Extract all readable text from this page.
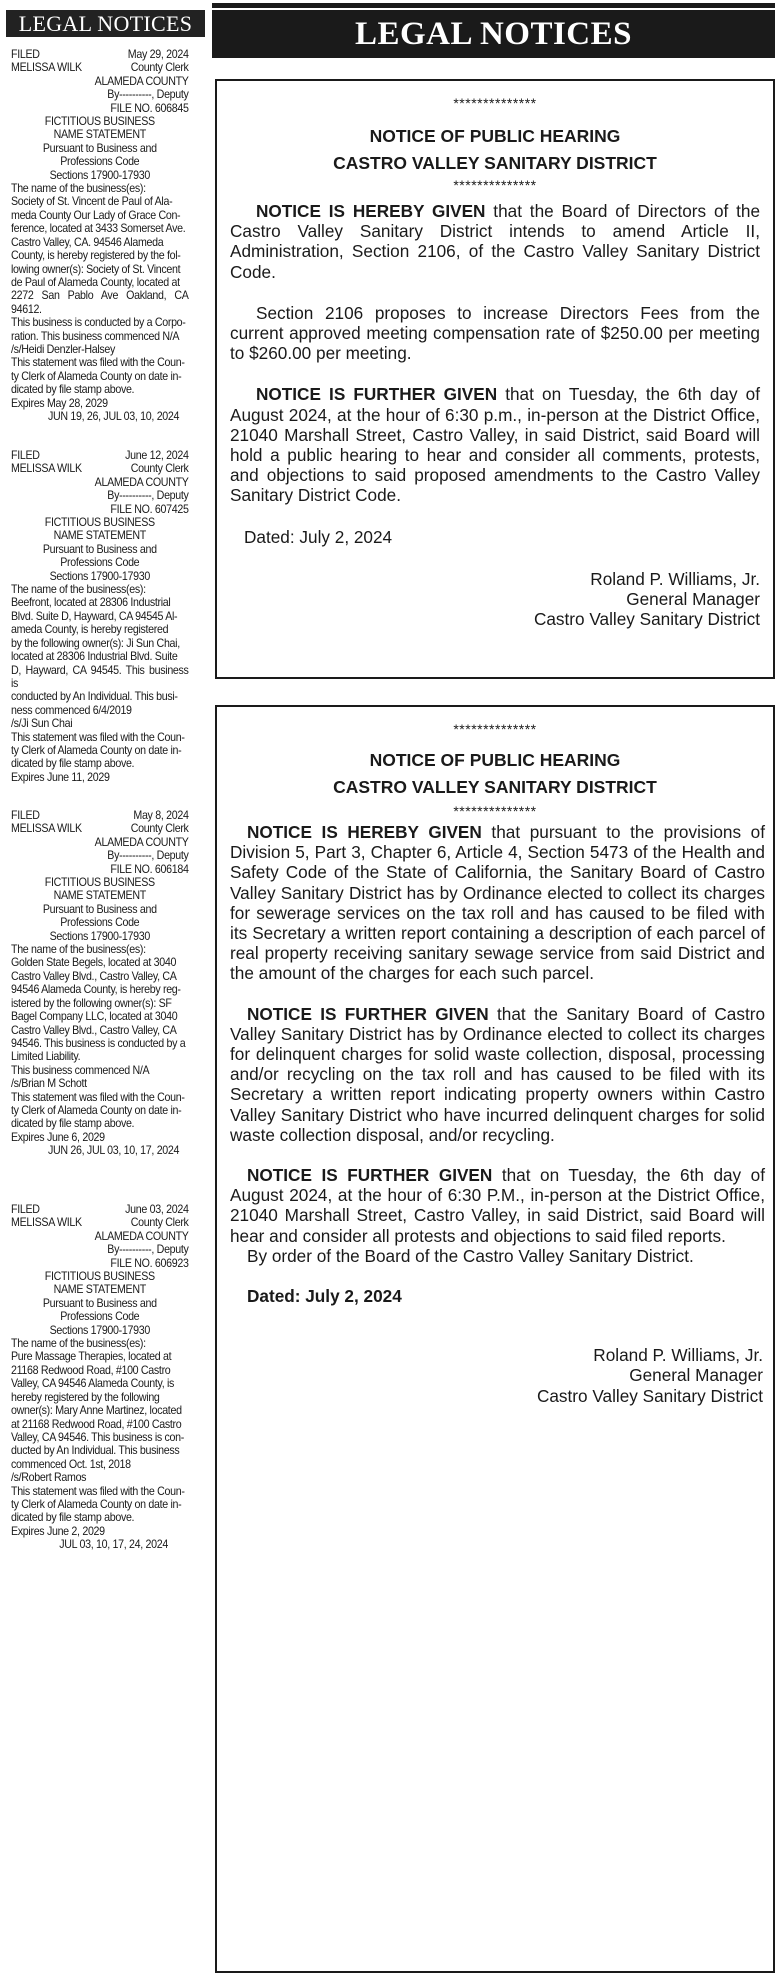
LEGAL NOTICES
FILED	May 29, 2024
MELISSA WILK	County Clerk
ALAMEDA COUNTY
By----------, Deputy
FILE NO. 606845
FICTITIOUS BUSINESS
NAME STATEMENT
Pursuant to Business and
Professions Code
Sections 17900-17930
The name of the business(es):
Society of St. Vincent de Paul of Ala-
meda County Our Lady of Grace Con-
ference, located at 3433 Somerset Ave.
Castro Valley, CA. 94546 Alameda
County, is hereby registered by the fol-
lowing owner(s): Society of St. Vincent
de Paul of Alameda County, located at
2272 San Pablo Ave Oakland, CA 94612.
This business is conducted by a Corpo-
ration. This business commenced N/A
/s/Heidi Denzler-Halsey
This statement was filed with the Coun-
ty Clerk of Alameda County on date in-
dicated by file stamp above.
Expires May 28, 2029
JUN 19, 26, JUL 03, 10, 2024
FILED	June 12, 2024
MELISSA WILK	County Clerk
ALAMEDA COUNTY
By----------, Deputy
FILE NO. 607425
FICTITIOUS BUSINESS
NAME STATEMENT
Pursuant to Business and
Professions Code
Sections 17900-17930
The name of the business(es):
Beefront, located at 28306 Industrial
Blvd. Suite D, Hayward, CA 94545 Al-
ameda County, is hereby registered
by the following owner(s): Ji Sun Chai,
located at 28306 Industrial Blvd. Suite
D, Hayward, CA 94545. This business is
conducted by An Individual. This busi-
ness commenced 6/4/2019
/s/Ji Sun Chai
This statement was filed with the Coun-
ty Clerk of Alameda County on date in-
dicated by file stamp above.
Expires June 11, 2029
FILED	May 8, 2024
MELISSA WILK	County Clerk
ALAMEDA COUNTY
By----------, Deputy
FILE NO. 606184
FICTITIOUS BUSINESS
NAME STATEMENT
Pursuant to Business and
Professions Code
Sections 17900-17930
The name of the business(es):
Golden State Begels, located at 3040
Castro Valley Blvd., Castro Valley, CA
94546 Alameda County, is hereby reg-
istered by the following owner(s): SF
Bagel Company LLC, located at 3040
Castro Valley Blvd., Castro Valley, CA
94546. This business is conducted by a
Limited Liability.
This business commenced N/A
/s/Brian M Schott
This statement was filed with the Coun-
ty Clerk of Alameda County on date in-
dicated by file stamp above.
Expires June 6, 2029
JUN 26, JUL 03, 10, 17, 2024
FILED	June 03, 2024
MELISSA WILK	County Clerk
ALAMEDA COUNTY
By----------, Deputy
FILE NO. 606923
FICTITIOUS BUSINESS
NAME STATEMENT
Pursuant to Business and
Professions Code
Sections 17900-17930
The name of the business(es):
Pure Massage Therapies, located at
21168 Redwood Road, #100 Castro
Valley, CA 94546 Alameda County, is
hereby registered by the following
owner(s): Mary Anne Martinez, located
at 21168 Redwood Road, #100 Castro
Valley, CA 94546. This business is con-
ducted by An Individual. This business
commenced Oct. 1st, 2018
/s/Robert Ramos
This statement was filed with the Coun-
ty Clerk of Alameda County on date in-
dicated by file stamp above.
Expires June 2, 2029
JUL 03, 10, 17, 24, 2024
LEGAL NOTICES
**************
NOTICE OF PUBLIC HEARING
CASTRO VALLEY SANITARY DISTRICT
**************
NOTICE IS HEREBY GIVEN that the Board of Directors of the Castro Valley Sanitary District intends to amend Article II, Administration, Section 2106, of the Castro Valley Sanitary District Code.
Section 2106 proposes to increase Directors Fees from the current approved meeting compensation rate of $250.00 per meeting to $260.00 per meeting.
NOTICE IS FURTHER GIVEN that on Tuesday, the 6th day of August 2024, at the hour of 6:30 p.m., in-person at the District Office, 21040 Marshall Street, Castro Valley, in said District, said Board will hold a public hearing to hear and consider all comments, protests, and objections to said proposed amendments to the Castro Valley Sanitary District Code.
Dated: July 2, 2024
Roland P. Williams, Jr.
General Manager
Castro Valley Sanitary District
**************
NOTICE OF PUBLIC HEARING
CASTRO VALLEY SANITARY DISTRICT
**************
NOTICE IS HEREBY GIVEN that pursuant to the provisions of Division 5, Part 3, Chapter 6, Article 4, Section 5473 of the Health and Safety Code of the State of California, the Sanitary Board of Castro Valley Sanitary District has by Ordinance elected to collect its charges for sewerage services on the tax roll and has caused to be filed with its Secretary a written report containing a description of each parcel of real property receiving sanitary sewage service from said District and the amount of the charges for each such parcel.
NOTICE IS FURTHER GIVEN that the Sanitary Board of Castro Valley Sanitary District has by Ordinance elected to collect its charges for delinquent charges for solid waste collection, disposal, processing and/or recycling on the tax roll and has caused to be filed with its Secretary a written report indicating property owners within Castro Valley Sanitary District who have incurred delinquent charges for solid waste collection disposal, and/or recycling.
NOTICE IS FURTHER GIVEN that on Tuesday, the 6th day of August 2024, at the hour of 6:30 P.M., in-person at the District Office, 21040 Marshall Street, Castro Valley, in said District, said Board will hear and consider all protests and objections to said filed reports.
By order of the Board of the Castro Valley Sanitary District.
Dated: July 2, 2024
Roland P. Williams, Jr.
General Manager
Castro Valley Sanitary District
